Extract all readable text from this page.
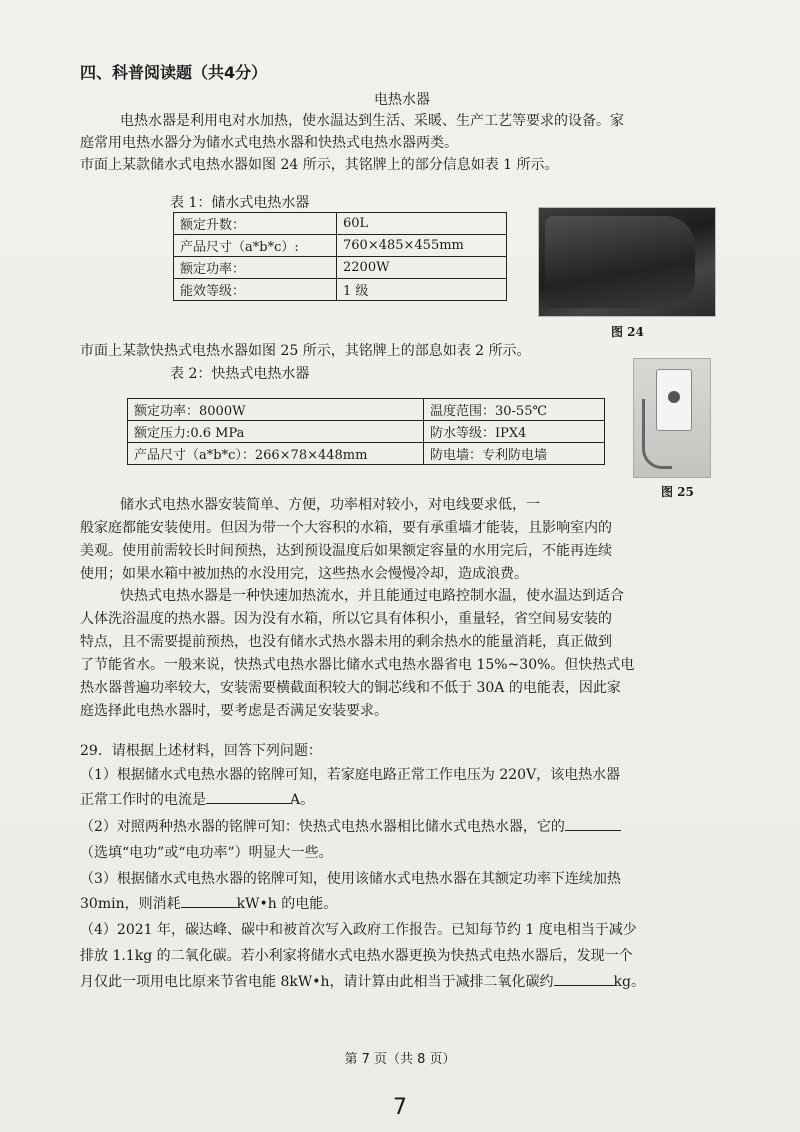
四、科普阅读题（共4分）
电热水器
电热水器是利用电对水加热，使水温达到生活、采暖、生产工艺等要求的设备。家
庭常用电热水器分为储水式电热水器和快热式电热水器两类。
市面上某款储水式电热水器如图 24 所示，其铭牌上的部分信息如表 1 所示。
表 1：储水式电热水器
额定升数：	60L
产品尺寸（a*b*c）:	760×485×455mm
额定功率：	2200W
能效等级：	1 级
图 24
市面上某款快热式电热水器如图 25 所示，其铭牌上的部息如表 2 所示。
表 2：快热式电热水器
额定功率：8000W	温度范围：30-55℃
额定压力:0.6 MPa	防水等级：IPX4
产品尺寸（a*b*c）：266×78×448mm	防电墙：专利防电墙
图 25
储水式电热水器安装简单、方便，功率相对较小，对电线要求低，一
般家庭都能安装使用。但因为带一个大容积的水箱，要有承重墙才能装，且影响室内的
美观。使用前需较长时间预热，达到预设温度后如果额定容量的水用完后，不能再连续
使用；如果水箱中被加热的水没用完，这些热水会慢慢冷却，造成浪费。
快热式电热水器是一种快速加热流水，并且能通过电路控制水温，使水温达到适合
人体洗浴温度的热水器。因为没有水箱，所以它具有体积小，重量轻，省空间易安装的
特点，且不需要提前预热，也没有储水式热水器未用的剩余热水的能量消耗，真正做到
了节能省水。一般来说，快热式电热水器比储水式电热水器省电 15%~30%。但快热式电
热水器普遍功率较大，安装需要横截面积较大的铜芯线和不低于 30A 的电能表，因此家
庭选择此电热水器时，要考虑是否满足安装要求。
29．请根据上述材料，回答下列问题：
（1）根据储水式电热水器的铭牌可知，若家庭电路正常工作电压为 220V，该电热水器
正常工作时的电流是	A。
（2）对照两种热水器的铭牌可知：快热式电热水器相比储水式电热水器，它的
（选填“电功”或“电功率”）明显大一些。
（3）根据储水式电热水器的铭牌可知，使用该储水式电热水器在其额定功率下连续加热
30min，则消耗	kW•h 的电能。
（4）2021 年，碳达峰、碳中和被首次写入政府工作报告。已知每节约 1 度电相当于减少
排放 1.1kg 的二氧化碳。若小利家将储水式电热水器更换为快热式电热水器后，发现一个
月仅此一项用电比原来节省电能 8kW•h，请计算由此相当于减排二氧化碳约	kg。
第 7 页（共 8 页）
7
